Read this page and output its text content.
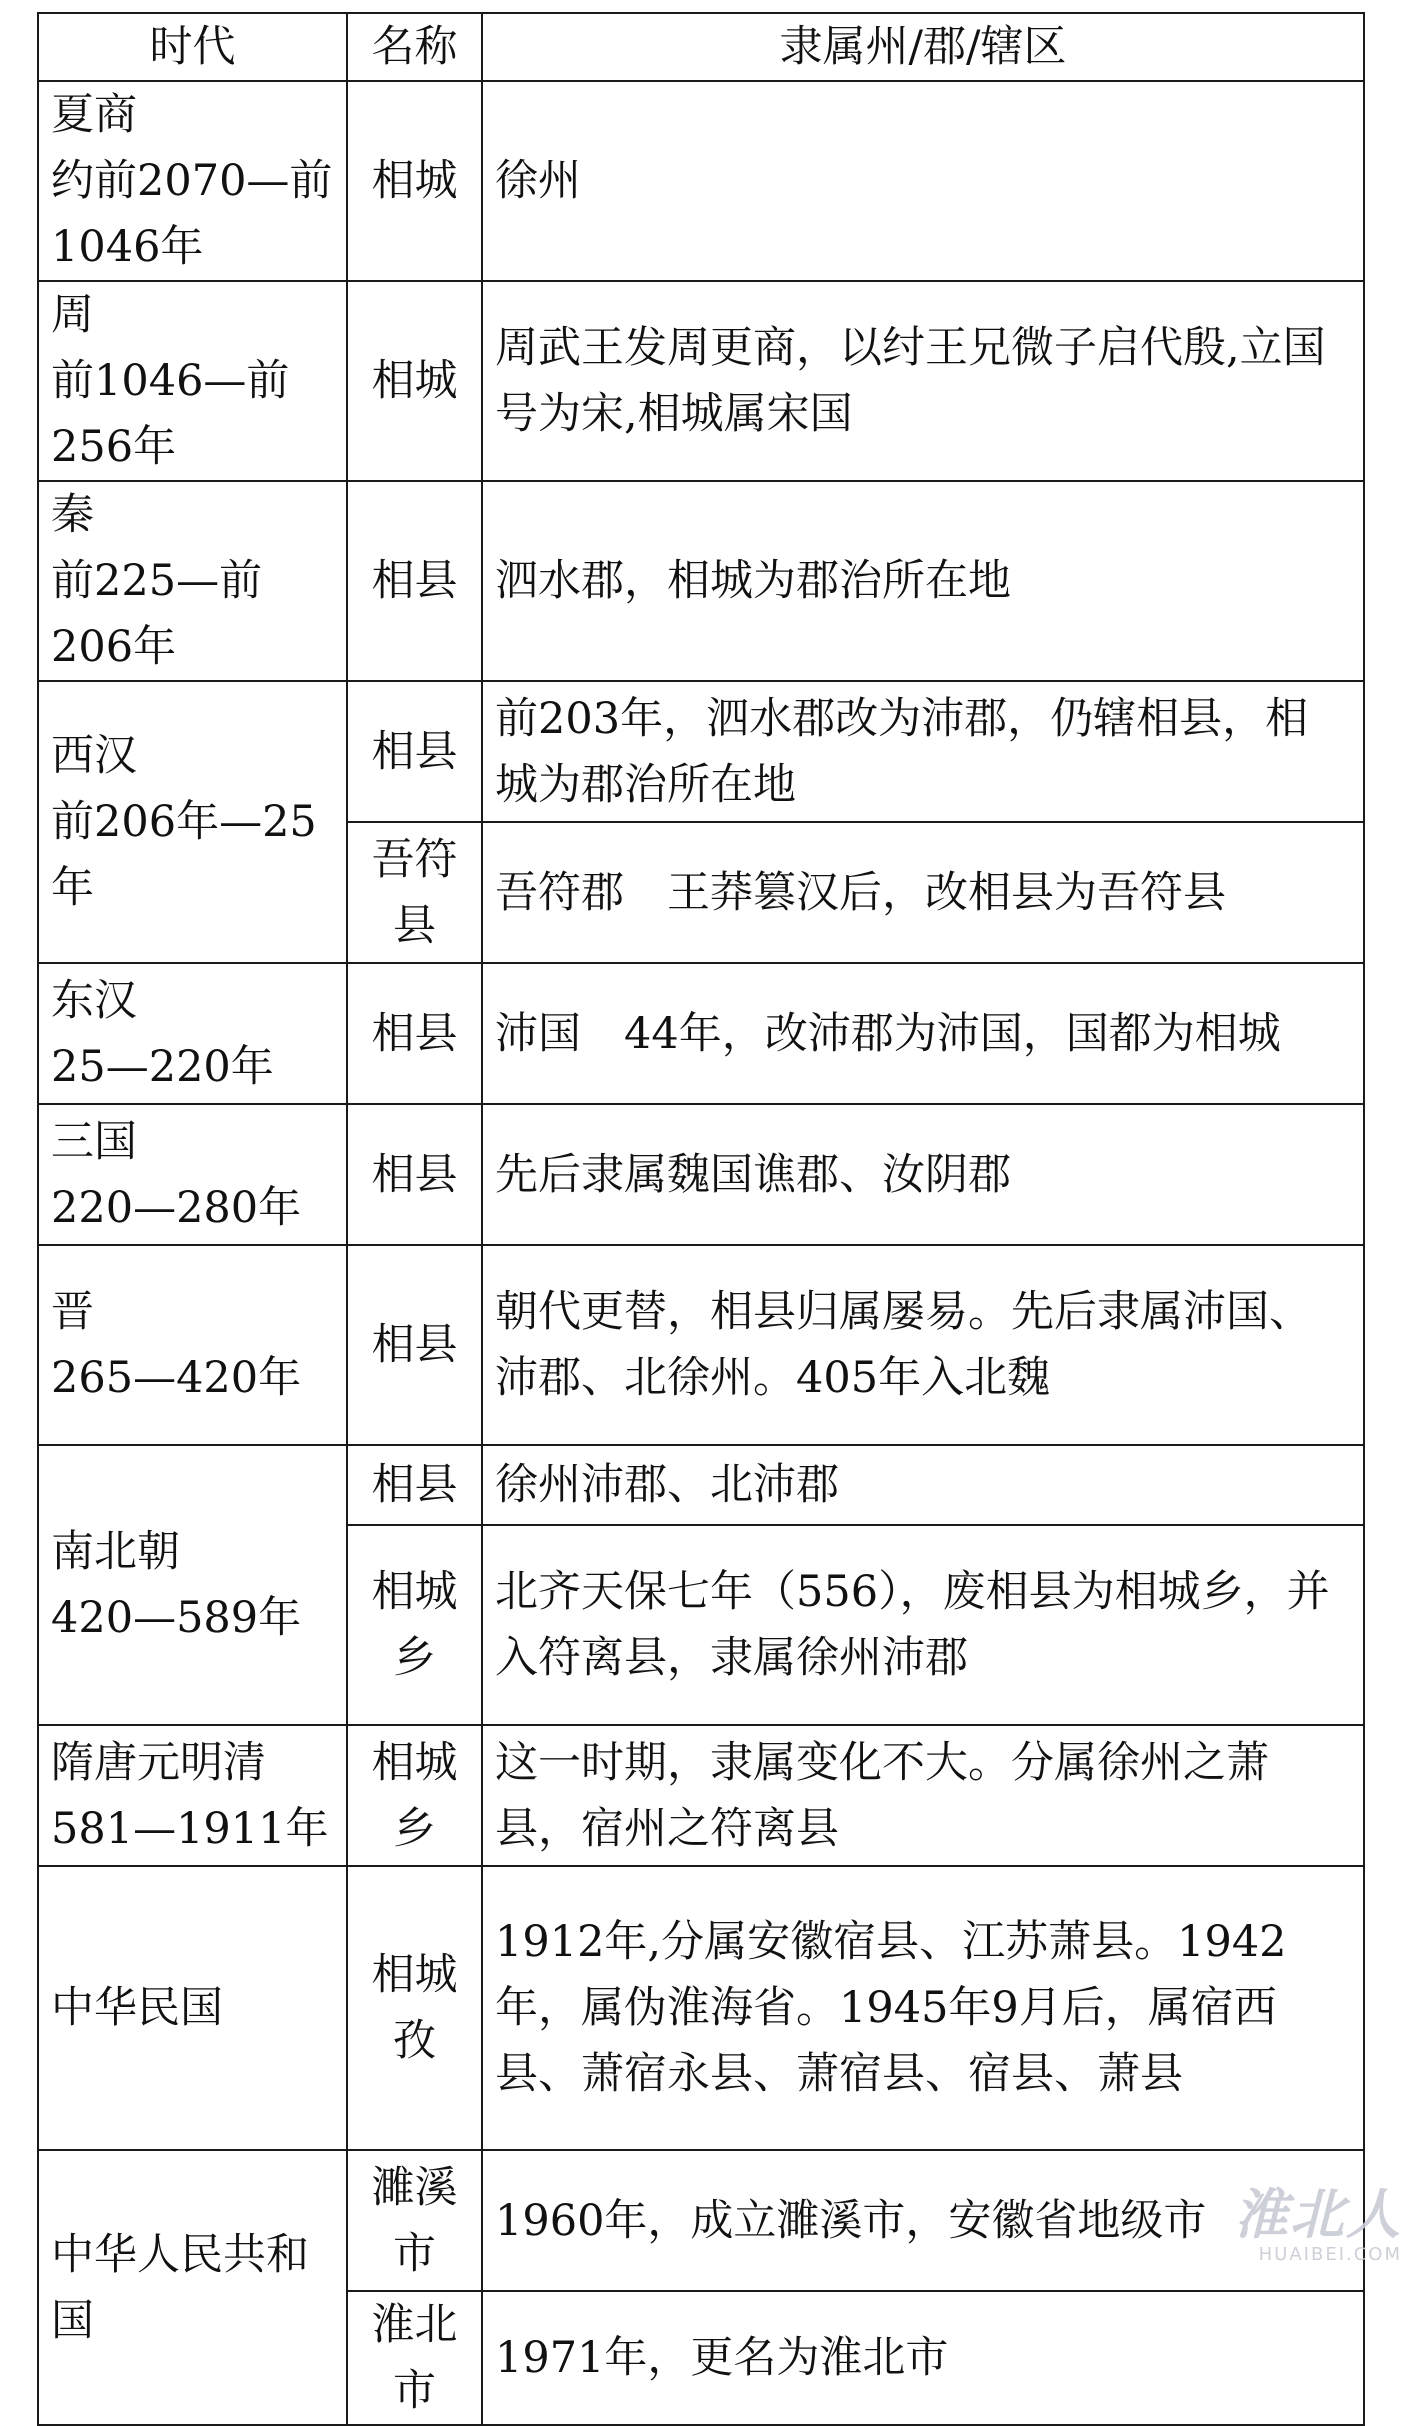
时代	名称	隶属州/郡/辖区

夏商
约前2070—前1046年	相城	徐州

周
前1046—前256年	相城	周武王发周更商，以纣王兄微子启代殷,立国号为宋,相城属宋国

秦
前225—前206年	相县	泗水郡，相城为郡治所在地

西汉
前206年—25年	相县	前203年，泗水郡改为沛郡，仍辖相县，相城为郡治所在地
	吾符县	吾符郡　王莽篡汉后，改相县为吾符县

东汉
25—220年	相县	沛国　44年，改沛郡为沛国，国都为相城

三国
220—280年	相县	先后隶属魏国谯郡、汝阴郡

晋
265—420年	相县	朝代更替，相县归属屡易。先后隶属沛国、沛郡、北徐州。405年入北魏

南北朝
420—589年	相县	徐州沛郡、北沛郡
	相城乡	北齐天保七年（556），废相县为相城乡，并入符离县，隶属徐州沛郡

隋唐元明清
581—1911年	相城乡	这一时期，隶属变化不大。分属徐州之萧县，宿州之符离县

中华民国	相城孜	1912年,分属安徽宿县、江苏萧县。1942年，属伪淮海省。1945年9月后，属宿西县、萧宿永县、萧宿县、宿县、萧县

中华人民共和国	濉溪市	1960年，成立濉溪市，安徽省地级市
	淮北市	1971年，更名为淮北市
淮北人
HUAIBEI.COM
